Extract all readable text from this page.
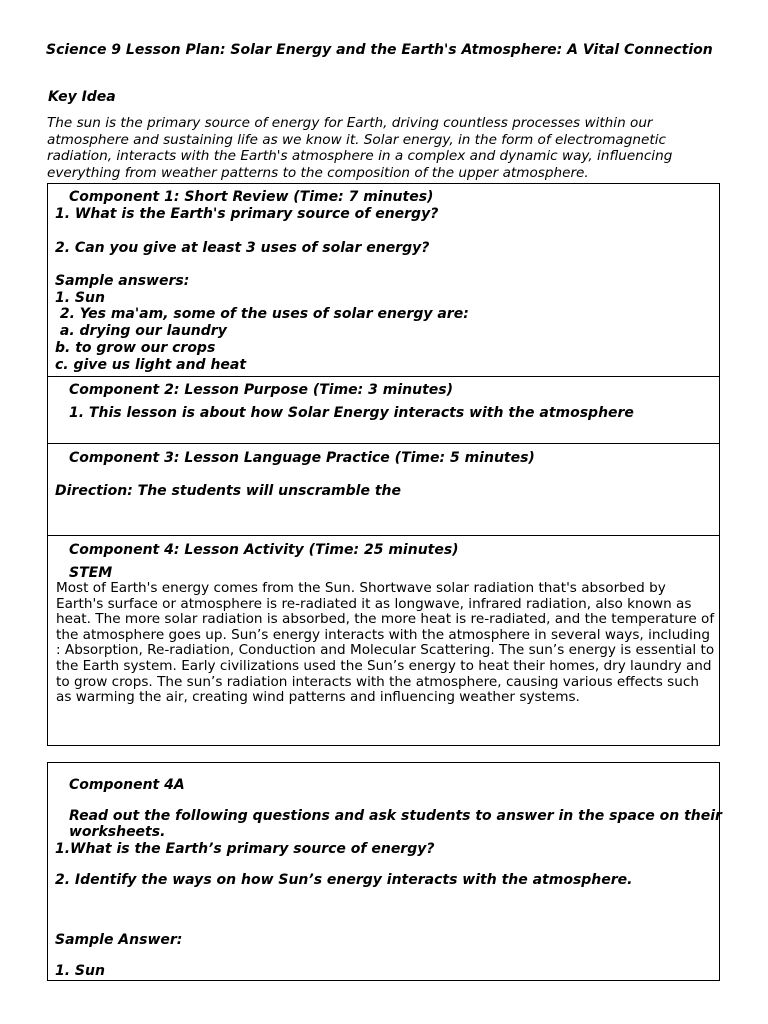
Science 9 Lesson Plan: Solar Energy and the Earth's Atmosphere: A Vital Connection
Key Idea
The sun is the primary source of energy for Earth, driving countless processes within our atmosphere and sustaining life as we know it. Solar energy, in the form of electromagnetic radiation, interacts with the Earth's atmosphere in a complex and dynamic way, influencing everything from weather patterns to the composition of the upper atmosphere.
Component 1: Short Review (Time: 7 minutes)
1. What is the Earth's primary source of energy?
2. Can you give at least 3 uses of solar energy?
Sample answers:
1. Sun
2. Yes ma'am, some of the uses of solar energy are:
a. drying our laundry
b. to grow our crops
c. give us light and heat
Component 2: Lesson Purpose (Time: 3 minutes)
1. This lesson is about how Solar Energy interacts with the atmosphere
Component 3: Lesson Language Practice (Time: 5 minutes)
Direction: The students will unscramble the
Component 4: Lesson Activity (Time: 25 minutes)
STEM
Most of Earth's energy comes from the Sun. Shortwave solar radiation that's absorbed by Earth's surface or atmosphere is re-radiated it as longwave, infrared radiation, also known as heat. The more solar radiation is absorbed, the more heat is re-radiated, and the temperature of the atmosphere goes up. Sun’s energy interacts with the atmosphere in several ways, including : Absorption, Re-radiation, Conduction and Molecular Scattering. The sun’s energy is essential to the Earth system. Early civilizations used the Sun’s energy to heat their homes, dry laundry and to grow crops. The sun’s radiation interacts with the atmosphere, causing various effects such as warming the air, creating wind patterns and influencing weather systems.
Component 4A
Read out the following questions and ask students to answer in the space on their
worksheets.
1.What is the Earth’s primary source of energy?
2. Identify the ways on how Sun’s energy interacts with the atmosphere.
Sample Answer:
1. Sun
